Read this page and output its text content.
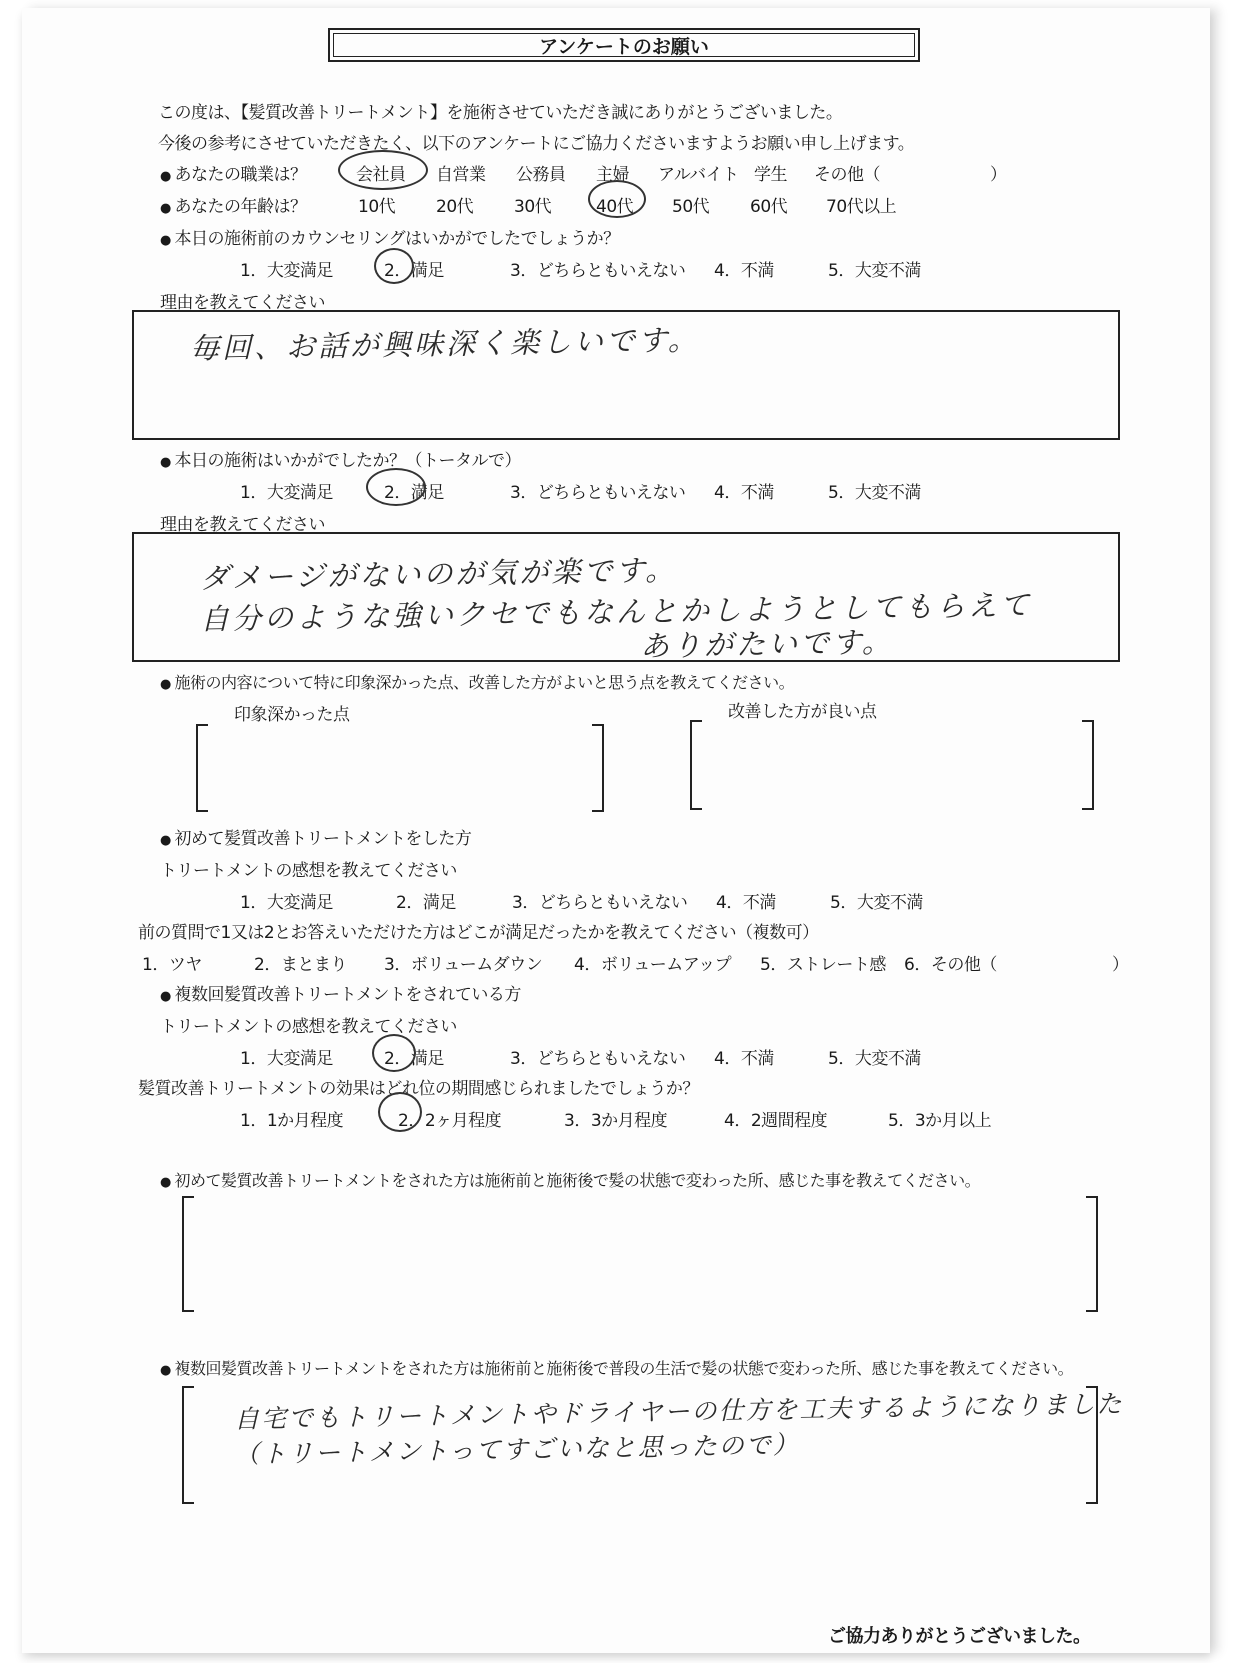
アンケートのお願い
この度は、【髪質改善トリートメント】を施術させていただき誠にありがとうございました。
今後の参考にさせていただきたく、以下のアンケートにご協力くださいますようお願い申し上げます。
● あなたの職業は？	会社員 自営業 公務員 主婦 アルバイト 学生 その他（	）
● あなたの年齢は？	10代 20代 30代	40代 50代 60代 70代以上
● 本日の施術前のカウンセリングはいかがでしたでしょうか？
1．大変満足	2．満足	3．どちらともいえない 4．不満	5．大変不満
理由を教えてください
毎回、お話が興味深く楽しいです。
● 本日の施術はいかがでしたか？（トータルで）
1．大変満足	2．満足	3．どちらともいえない 4．不満	5．大変不満
理由を教えてください
ダメージがないのが気が楽です。
自分のような強いクセでもなんとかしようとしてもらえて
ありがたいです。
● 施術の内容について特に印象深かった点、改善した方がよいと思う点を教えてください。
印象深かった点	改善した方が良い点
● 初めて髪質改善トリートメントをした方
トリートメントの感想を教えてください
1．大変満足	2．満足	3．どちらともいえない 4．不満	5．大変不満
前の質問で1又は2とお答えいただけた方はどこが満足だったかを教えてください（複数可）
1．ツヤ	2．まとまり 3．ボリュームダウン 4．ボリュームアップ 5．ストレート感 6．その他（	）
● 複数回髪質改善トリートメントをされている方
トリートメントの感想を教えてください
1．大変満足	2．満足	3．どちらともいえない 4．不満	5．大変不満
髪質改善トリートメントの効果はどれ位の期間感じられましたでしょうか？
1．1か月程度	2．2ヶ月程度	3．3か月程度	4．2週間程度	5．3か月以上
● 初めて髪質改善トリートメントをされた方は施術前と施術後で髪の状態で変わった所、感じた事を教えてください。
● 複数回髪質改善トリートメントをされた方は施術前と施術後で普段の生活で髪の状態で変わった所、感じた事を教えてください。
自宅でもトリートメントやドライヤーの仕方を工夫するようになりました
（トリートメントってすごいなと思ったので）
ご協力ありがとうございました。
